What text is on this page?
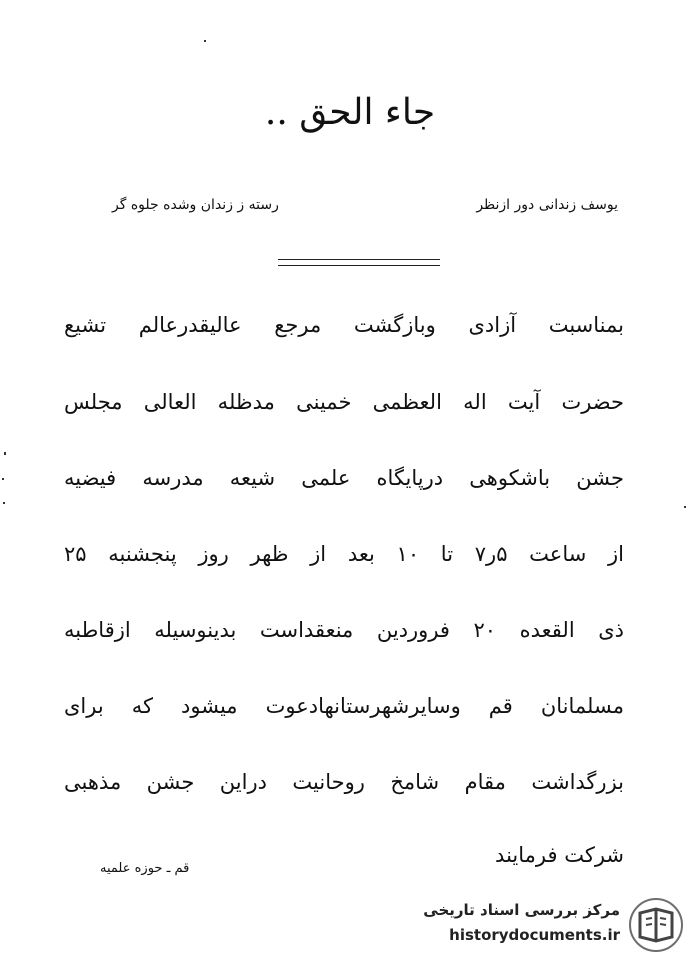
جاء الحق ..
یوسف زندانی دور ازنظر
رسته ز زندان وشده جلوه گر
بمناسبت آزادی وبازگشت مرجع عالیقدرعالم تشیع
حضرت آیت اله العظمی خمینی مدظله العالی مجلس
جشن باشکوهی درپایگاه علمی شیعه مدرسه فیضیه
از ساعت ۵ر۷ تا ۱۰ بعد از ظهر روز پنجشنبه ۲۵
ذی القعده ۲۰ فروردین منعقداست بدینوسیله ازقاطبه
مسلمانان قم وسایرشهرستانهادعوت میشود که برای
بزرگداشت مقام شامخ روحانیت دراین جشن مذهبی
شرکت فرمایند
قم ـ حوزه علمیه
مرکز بررسی اسناد تاریخی
historydocuments.ir
